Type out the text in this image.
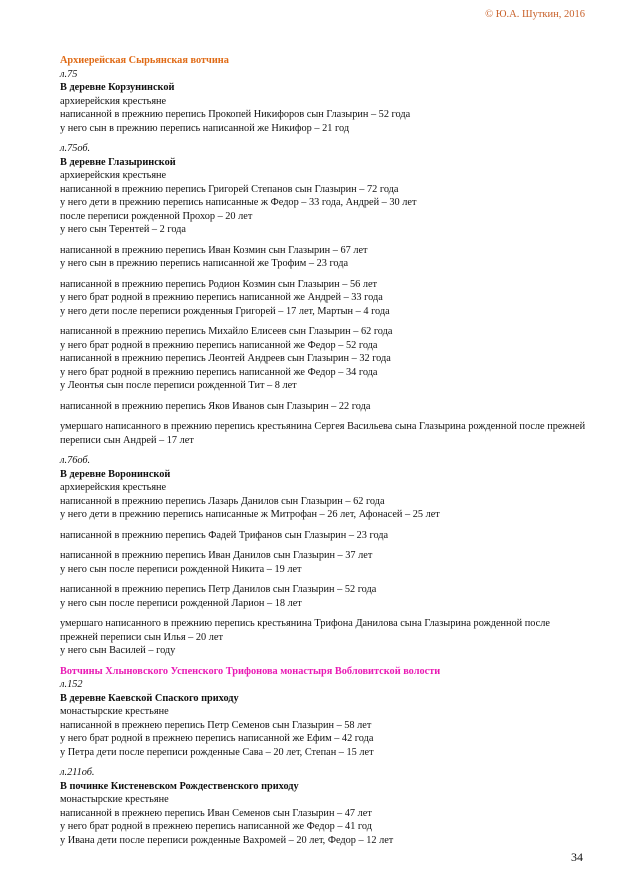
© Ю.А. Шуткин, 2016
Архиерейская Сырьянская вотчина
л.75
В деревне Корзунинской
архиерейския крестьяне
написанной в прежнию перепись Прокопей Никифоров сын Глазырин – 52 года
у него сын в прежнию перепись написанной же Никифор – 21 год
л.75об.
В деревне Глазыринской
архиерейския крестьяне
написанной в прежнию перепись Григорей Степанов сын Глазырин – 72 года
у него дети в прежнию перепись написанные ж Федор – 33 года, Андрей – 30 лет
после переписи рожденной Прохор – 20 лет
у него сын Терентей – 2 года
написанной в прежнию перепись Иван Козмин сын Глазырин – 67 лет
у него сын в прежнию перепись написанной же Трофим – 23 года
написанной в прежнию перепись Родион Козмин сын Глазырин – 56 лет
у него брат родной в прежнию перепись написанной же Андрей – 33 года
у него дети после переписи рожденныя Григорей – 17 лет, Мартын – 4 года
написанной в прежнию перепись Михайло Елисеев сын Глазырин – 62 года
у него брат родной в прежнию перепись написанной же Федор – 52 года
написанной в прежнию перепись Леонтей Андреев сын Глазырин – 32 года
у него брат родной в прежнию перепись написанной же Федор – 34 года
у Леонтья сын после переписи рожденной Тит – 8 лет
написанной в прежнию перепись Яков Иванов сын Глазырин – 22 года
умершаго написанного в прежнию перепись крестьянина Сергея Васильева сына Глазырина рожденной после прежней переписи сын Андрей – 17 лет
л.76об.
В деревне Воронинской
архиерейския крестьяне
написанной в прежнию перепись Лазарь Данилов сын Глазырин – 62 года
у него дети в прежнию перепись написанные ж Митрофан – 26 лет, Афонасей – 25 лет
написанной в прежнию перепись Фадей Трифанов сын Глазырин – 23 года
написанной в прежнию перепись Иван Данилов сын Глазырин – 37 лет
у него сын после переписи рожденной Никита – 19 лет
написанной в прежнию перепись Петр Данилов сын Глазырин – 52 года
у него сын после переписи рожденной Ларион – 18 лет
умершаго написанного в прежнию перепись крестьянина Трифона Данилова сына Глазырина рожденной после прежней переписи сын Илья – 20 лет
у него сын Василей – году
Вотчины Хлыновского Успенского Трифонова монастыря Вобловитской волости
л.152
В деревне Каевской Спаского приходу
монастырские крестьяне
написанной в прежнею перепись Петр Семенов сын Глазырин – 58 лет
у него брат родной в прежнею перепись написанной же Ефим – 42 года
у Петра дети после переписи рожденные Сава – 20 лет, Степан – 15 лет
л.211об.
В починке Кистеневском Рождественского приходу
монастырские крестьяне
написанной в прежнею перепись Иван Семенов сын Глазырин – 47 лет
у него брат родной в прежнею перепись написанной же Федор – 41 год
у Ивана дети после переписи рожденные Вахромей – 20 лет, Федор – 12 лет
34
